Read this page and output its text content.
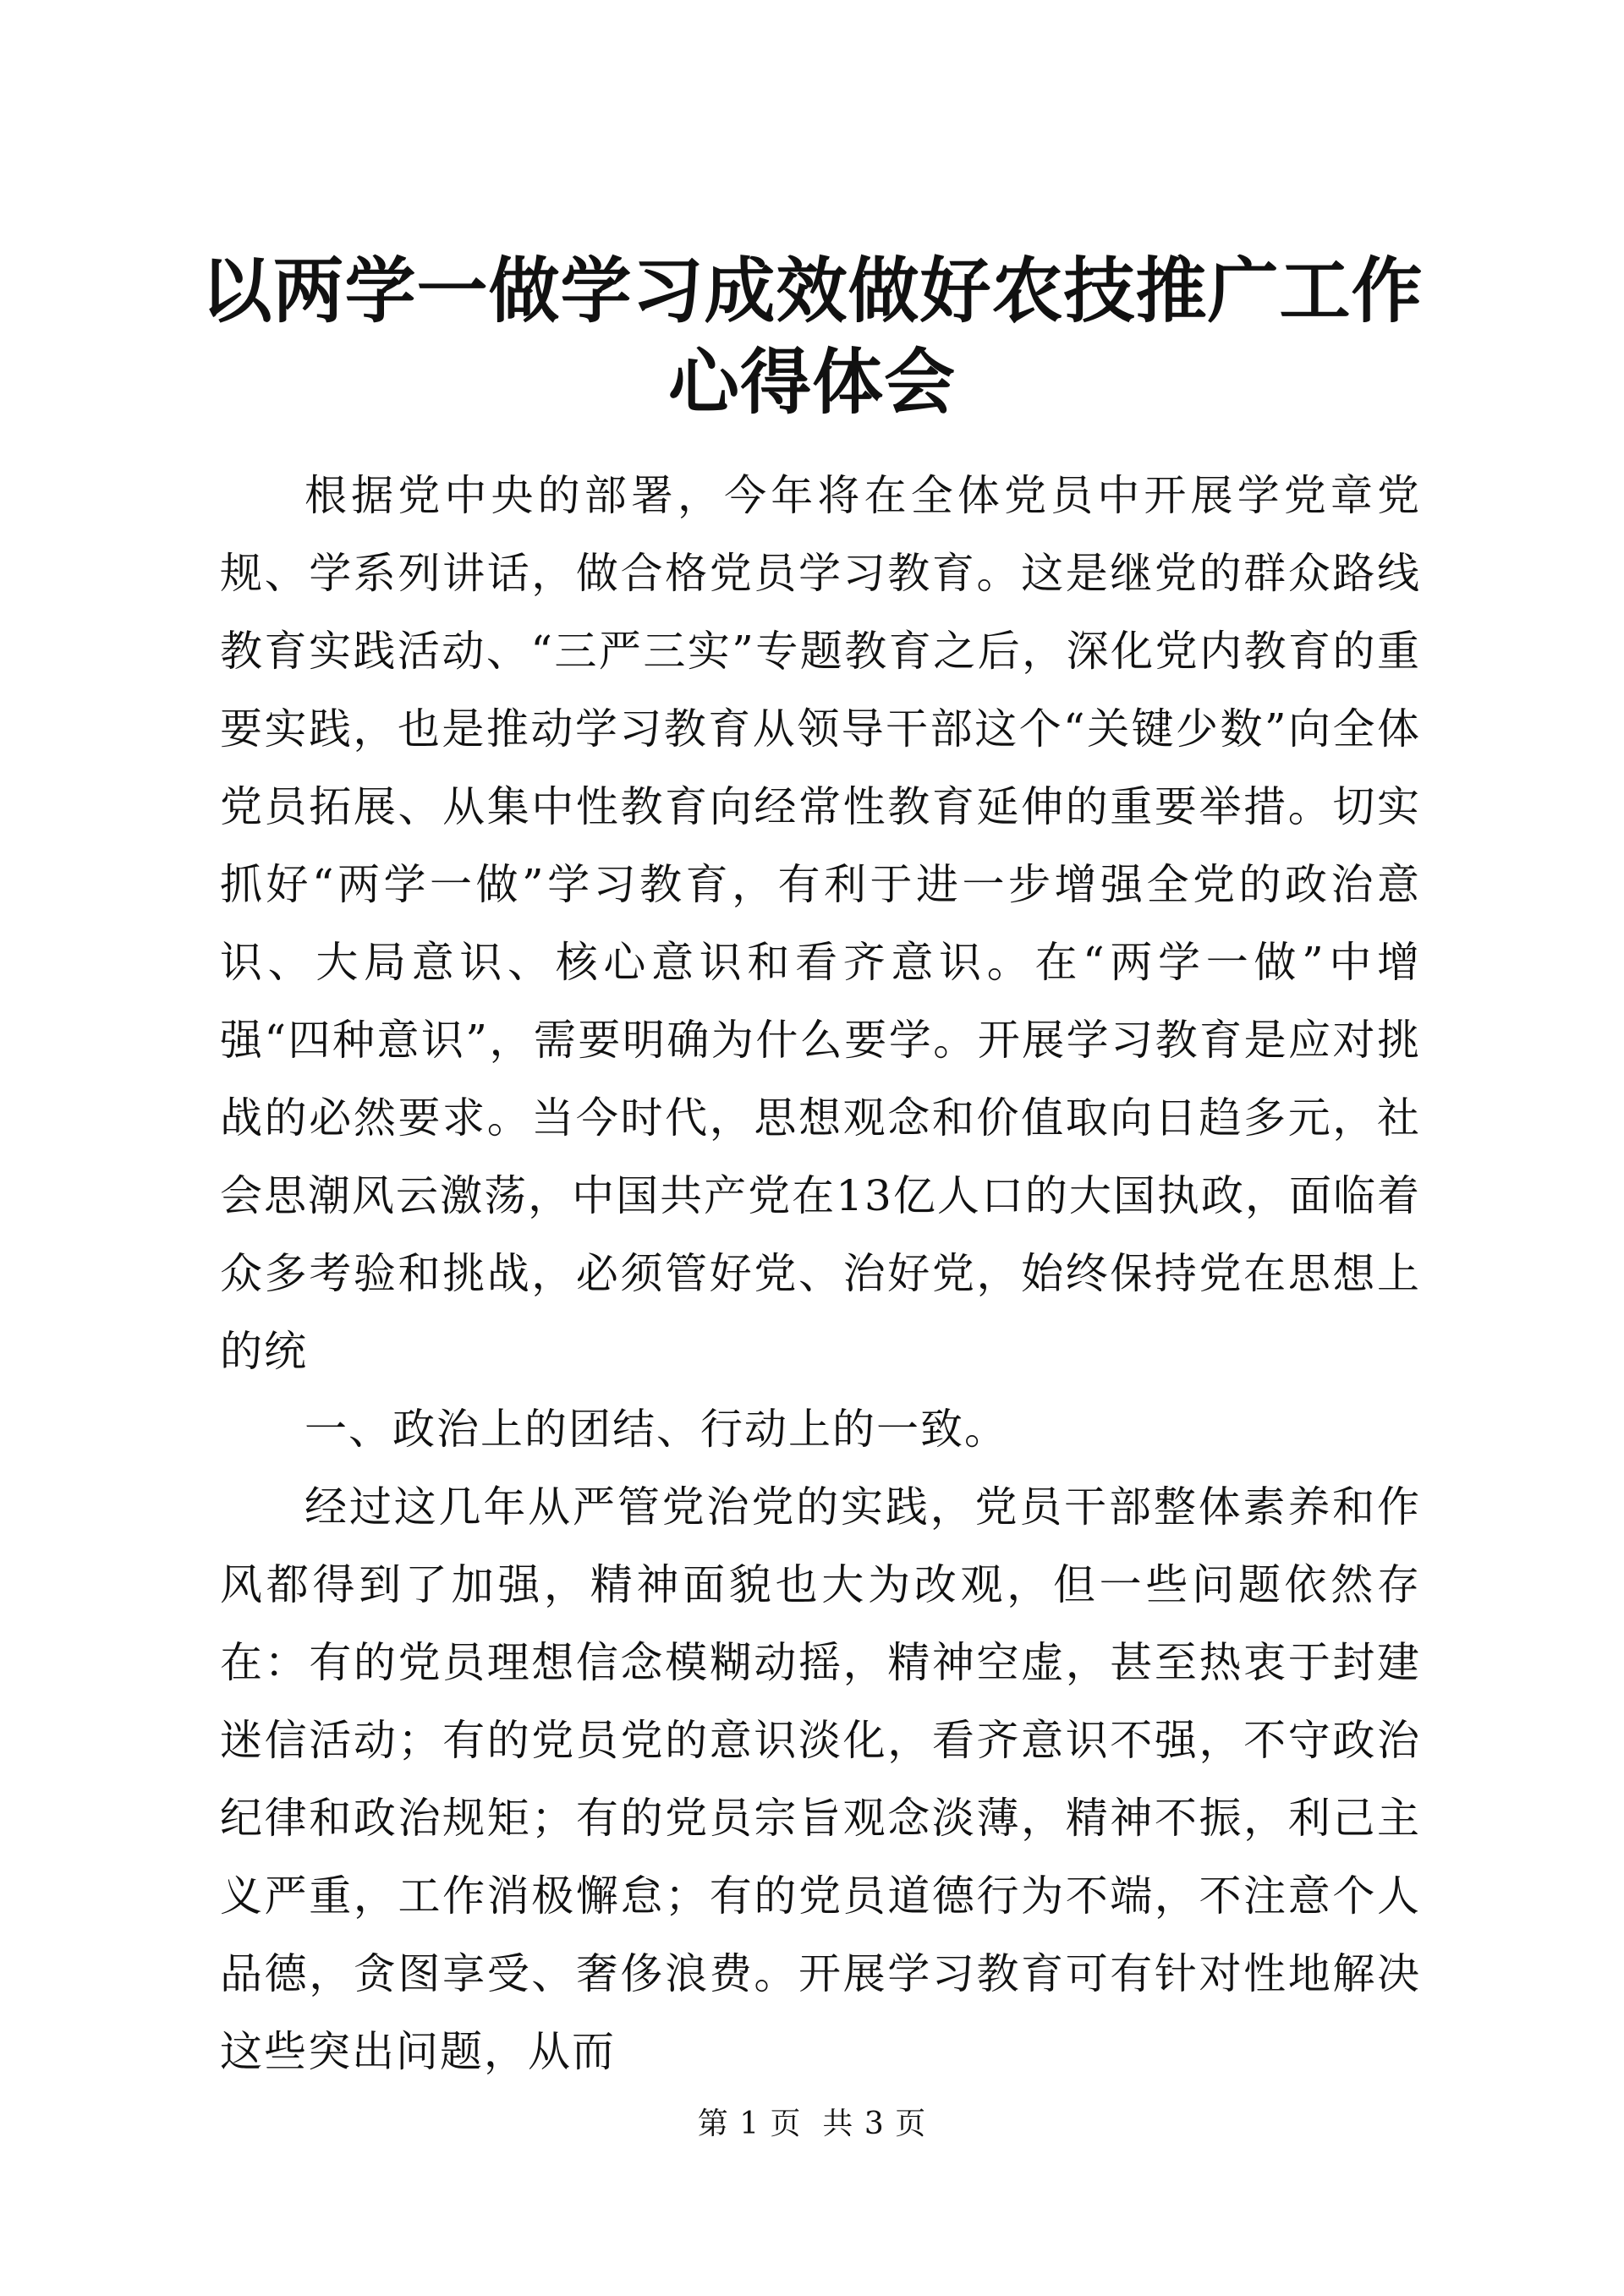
以两学一做学习成效做好农技推广工作心得体会

根据党中央的部署，今年将在全体党员中开展学党章党规、学系列讲话，做合格党员学习教育。这是继党的群众路线教育实践活动、“三严三实”专题教育之后，深化党内教育的重要实践，也是推动学习教育从领导干部这个“关键少数”向全体党员拓展、从集中性教育向经常性教育延伸的重要举措。切实抓好“两学一做”学习教育，有利于进一步增强全党的政治意识、大局意识、核心意识和看齐意识。在“两学一做”中增强“四种意识”，需要明确为什么要学。开展学习教育是应对挑战的必然要求。当今时代，思想观念和价值取向日趋多元，社会思潮风云激荡，中国共产党在13亿人口的大国执政，面临着众多考验和挑战，必须管好党、治好党，始终保持党在思想上的统

一、政治上的团结、行动上的一致。

经过这几年从严管党治党的实践，党员干部整体素养和作风都得到了加强，精神面貌也大为改观，但一些问题依然存在：有的党员理想信念模糊动摇，精神空虚，甚至热衷于封建迷信活动；有的党员党的意识淡化，看齐意识不强，不守政治纪律和政治规矩；有的党员宗旨观念淡薄，精神不振，利己主义严重，工作消极懈怠；有的党员道德行为不端，不注意个人品德，贪图享受、奢侈浪费。开展学习教育可有针对性地解决这些突出问题，从而

第 1 页  共 3 页
